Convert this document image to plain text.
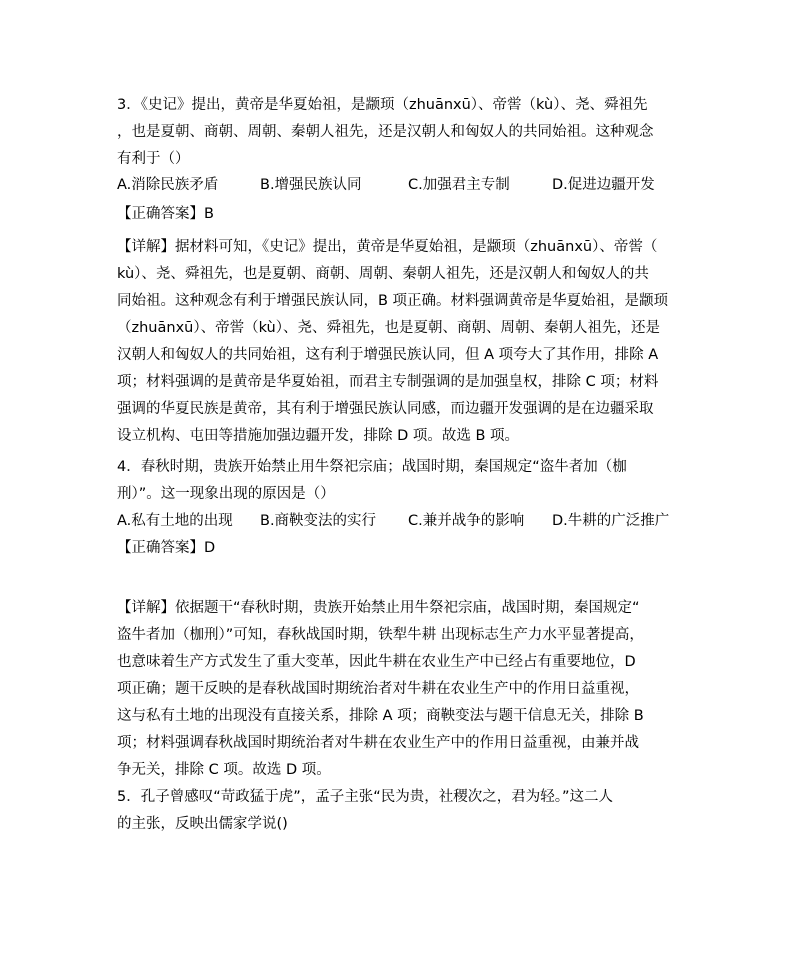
3．《史记》提出，黄帝是华夏始祖，是颛顼（zhuānxū）、帝喾（kù）、尧、舜祖先
，也是夏朝、商朝、周朝、秦朝人祖先，还是汉朝人和匈奴人的共同始祖。这种观念
有利于（）
A.消除民族矛盾	B.增强民族认同	C.加强君主专制	D.促进边疆开发
【正确答案】B
【详解】据材料可知，《史记》提出，黄帝是华夏始祖，是颛顼（zhuānxū）、帝喾（
kù）、尧、舜祖先，也是夏朝、商朝、周朝、秦朝人祖先，还是汉朝人和匈奴人的共
同始祖。这种观念有利于增强民族认同，B 项正确。材料强调黄帝是华夏始祖，是颛顼
（zhuānxū）、帝喾（kù）、尧、舜祖先，也是夏朝、商朝、周朝、秦朝人祖先，还是
汉朝人和匈奴人的共同始祖，这有利于增强民族认同，但 A 项夸大了其作用，排除 A
项；材料强调的是黄帝是华夏始祖，而君主专制强调的是加强皇权，排除 C 项；材料
强调的华夏民族是黄帝，其有利于增强民族认同感，而边疆开发强调的是在边疆采取
设立机构、屯田等措施加强边疆开发，排除 D 项。故选 B 项。
4．春秋时期，贵族开始禁止用牛祭祀宗庙；战国时期，秦国规定“盗牛者加（枷
刑）”。这一现象出现的原因是（）
A.私有土地的出现 B.商鞅变法的实行 C.兼并战争的影响 D.牛耕的广泛推广
【正确答案】D
【详解】依据题干“春秋时期，贵族开始禁止用牛祭祀宗庙，战国时期，秦国规定“
盗牛者加（枷刑）”可知，春秋战国时期，铁犁牛耕 出现标志生产力水平显著提高，
也意味着生产方式发生了重大变革，因此牛耕在农业生产中已经占有重要地位，D
项正确；题干反映的是春秋战国时期统治者对牛耕在农业生产中的作用日益重视，
这与私有土地的出现没有直接关系，排除 A 项；商鞅变法与题干信息无关，排除 B
项；材料强调春秋战国时期统治者对牛耕在农业生产中的作用日益重视，由兼并战
争无关，排除 C 项。故选 D 项。
5．孔子曾感叹“苛政猛于虎”，孟子主张“民为贵，社稷次之，君为轻。”这二人
的主张，反映出儒家学说()
